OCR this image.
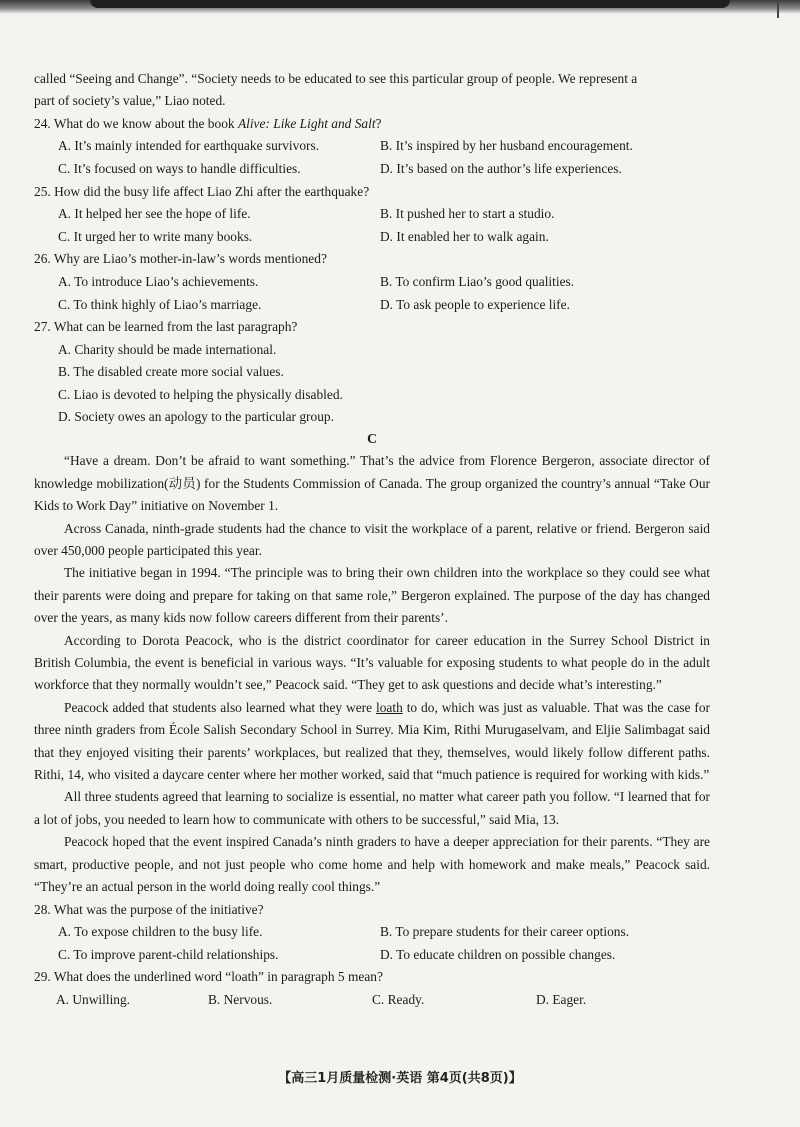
called “Seeing and Change”. “Society needs to be educated to see this particular group of people. We represent a
part of society’s value,” Liao noted.

24. What do we know about the book Alive: Like Light and Salt?

A. It’s mainly intended for earthquake survivors.	B. It’s inspired by her husband encouragement.
C. It’s focused on ways to handle difficulties.	D. It’s based on the author’s life experiences.

25. How did the busy life affect Liao Zhi after the earthquake?

A. It helped her see the hope of life.	B. It pushed her to start a studio.
C. It urged her to write many books.	D. It enabled her to walk again.

26. Why are Liao’s mother-in-law’s words mentioned?

A. To introduce Liao’s achievements.	B. To confirm Liao’s good qualities.
C. To think highly of Liao’s marriage.	D. To ask people to experience life.

27. What can be learned from the last paragraph?

A. Charity should be made international.
B. The disabled create more social values.
C. Liao is devoted to helping the physically disabled.
D. Society owes an apology to the particular group.

C

“Have a dream. Don’t be afraid to want something.” That’s the advice from Florence Bergeron, associate director of knowledge mobilization(动员) for the Students Commission of Canada. The group organized the country’s annual “Take Our Kids to Work Day” initiative on November 1.

Across Canada, ninth-grade students had the chance to visit the workplace of a parent, relative or friend. Bergeron said over 450,000 people participated this year.

The initiative began in 1994. “The principle was to bring their own children into the workplace so they could see what their parents were doing and prepare for taking on that same role,” Bergeron explained. The purpose of the day has changed over the years, as many kids now follow careers different from their parents’.

According to Dorota Peacock, who is the district coordinator for career education in the Surrey School District in British Columbia, the event is beneficial in various ways. “It’s valuable for exposing students to what people do in the adult workforce that they normally wouldn’t see,” Peacock said. “They get to ask questions and decide what’s interesting.”

Peacock added that students also learned what they were loath to do, which was just as valuable. That was the case for three ninth graders from École Salish Secondary School in Surrey. Mia Kim, Rithi Murugaselvam, and Eljie Salimbagat said that they enjoyed visiting their parents’ workplaces, but realized that they, themselves, would likely follow different paths. Rithi, 14, who visited a daycare center where her mother worked, said that “much patience is required for working with kids.”

All three students agreed that learning to socialize is essential, no matter what career path you follow. “I learned that for a lot of jobs, you needed to learn how to communicate with others to be successful,” said Mia, 13.

Peacock hoped that the event inspired Canada’s ninth graders to have a deeper appreciation for their parents. “They are smart, productive people, and not just people who come home and help with homework and make meals,” Peacock said. “They’re an actual person in the world doing really cool things.”

28. What was the purpose of the initiative?

A. To expose children to the busy life.	B. To prepare students for their career options.
C. To improve parent-child relationships.	D. To educate children on possible changes.

29. What does the underlined word “loath” in paragraph 5 mean?

A. Unwilling.	B. Nervous.	C. Ready.	D. Eager.
【高三1月质量检测·英语 第4页(共8页)】
